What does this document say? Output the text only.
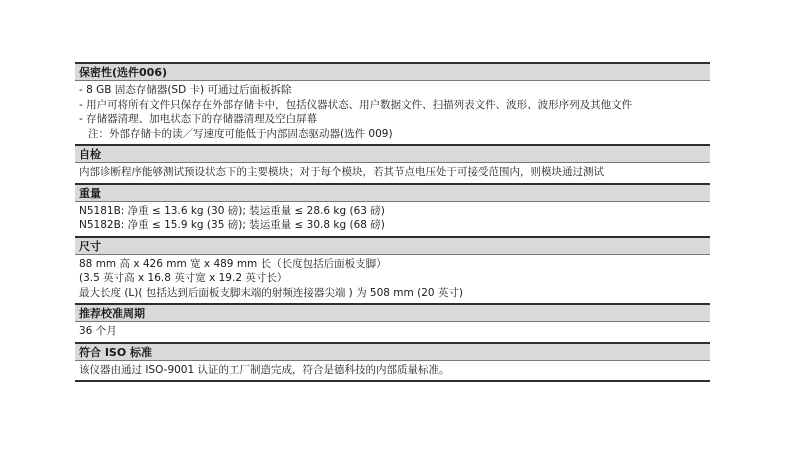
保密性(选件006)
- 8 GB 固态存储器(SD 卡) 可通过后面板拆除
- 用户可将所有文件只保存在外部存储卡中，包括仪器状态、用户数据文件、扫描列表文件、波形、波形序列及其他文件
- 存储器清理、加电状态下的存储器清理及空白屏幕
注：外部存储卡的读／写速度可能低于内部固态驱动器(选件 009)
自检
内部诊断程序能够测试预设状态下的主要模块；对于每个模块，若其节点电压处于可接受范围内，则模块通过测试
重量
N5181B: 净重 ≤ 13.6 kg (30 磅); 装运重量 ≤ 28.6 kg (63 磅)
N5182B: 净重 ≤ 15.9 kg (35 磅); 装运重量 ≤ 30.8 kg (68 磅)
尺寸
88 mm 高 x 426 mm 宽 x 489 mm 长（长度包括后面板支脚）
(3.5 英寸高 x 16.8 英寸宽 x 19.2 英寸长）
最大长度 (L)( 包括达到后面板支脚末端的射频连接器尖端 ) 为 508 mm (20 英寸)
推荐校准周期
36 个月
符合 ISO 标准
该仪器由通过 ISO-9001 认证的工厂制造完成，符合是德科技的内部质量标准。
